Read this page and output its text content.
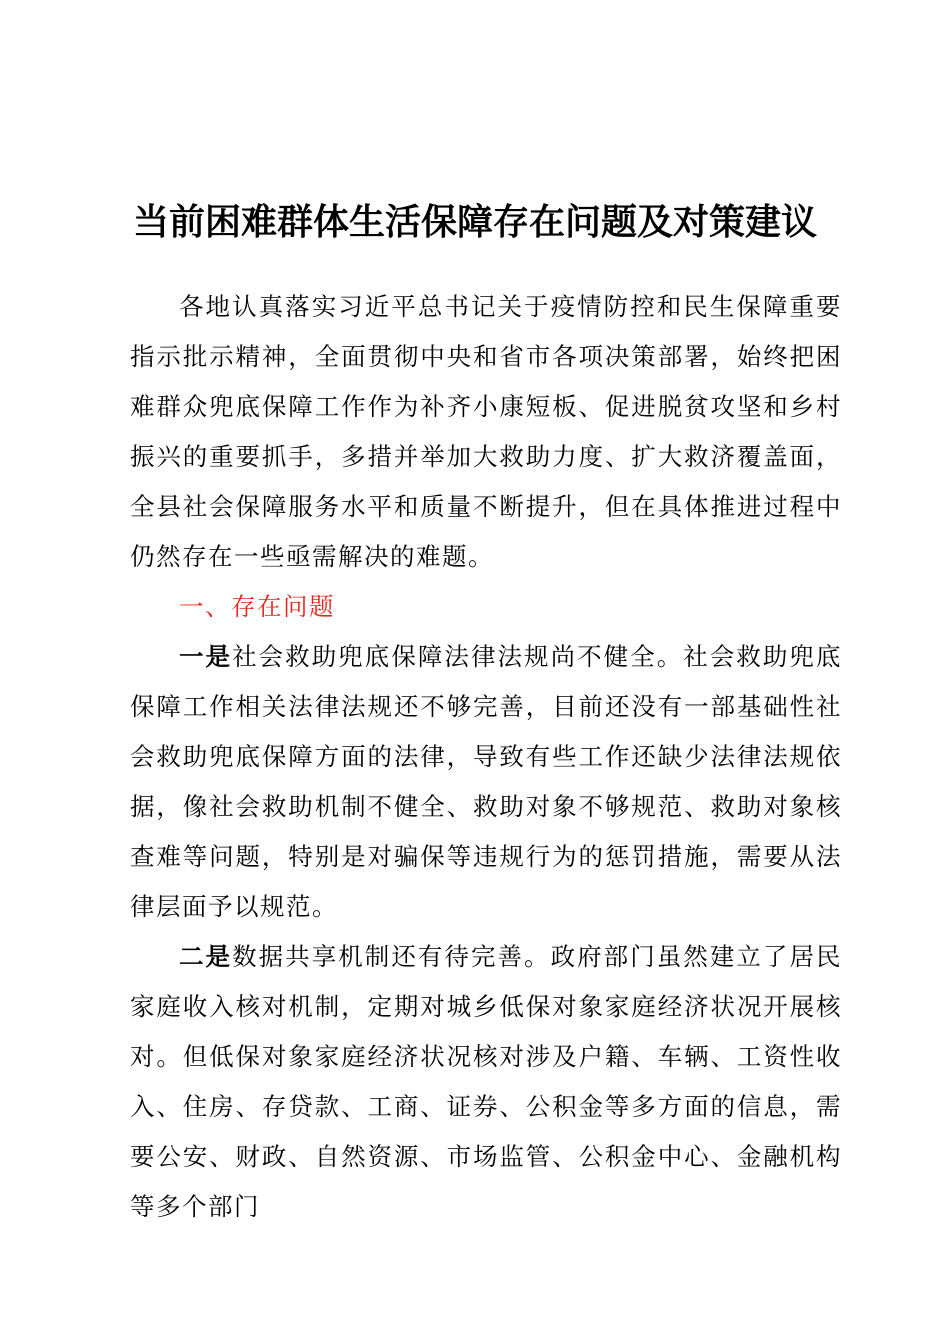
当前困难群体生活保障存在问题及对策建议

各地认真落实习近平总书记关于疫情防控和民生保障重要指示批示精神，全面贯彻中央和省市各项决策部署，始终把困难群众兜底保障工作作为补齐小康短板、促进脱贫攻坚和乡村振兴的重要抓手，多措并举加大救助力度、扩大救济覆盖面，全县社会保障服务水平和质量不断提升，但在具体推进过程中仍然存在一些亟需解决的难题。

一、存在问题

一是社会救助兜底保障法律法规尚不健全。社会救助兜底保障工作相关法律法规还不够完善，目前还没有一部基础性社会救助兜底保障方面的法律，导致有些工作还缺少法律法规依据，像社会救助机制不健全、救助对象不够规范、救助对象核查难等问题，特别是对骗保等违规行为的惩罚措施，需要从法律层面予以规范。

二是数据共享机制还有待完善。政府部门虽然建立了居民家庭收入核对机制，定期对城乡低保对象家庭经济状况开展核对。但低保对象家庭经济状况核对涉及户籍、车辆、工资性收入、住房、存贷款、工商、证券、公积金等多方面的信息，需要公安、财政、自然资源、市场监管、公积金中心、金融机构等多个部门
